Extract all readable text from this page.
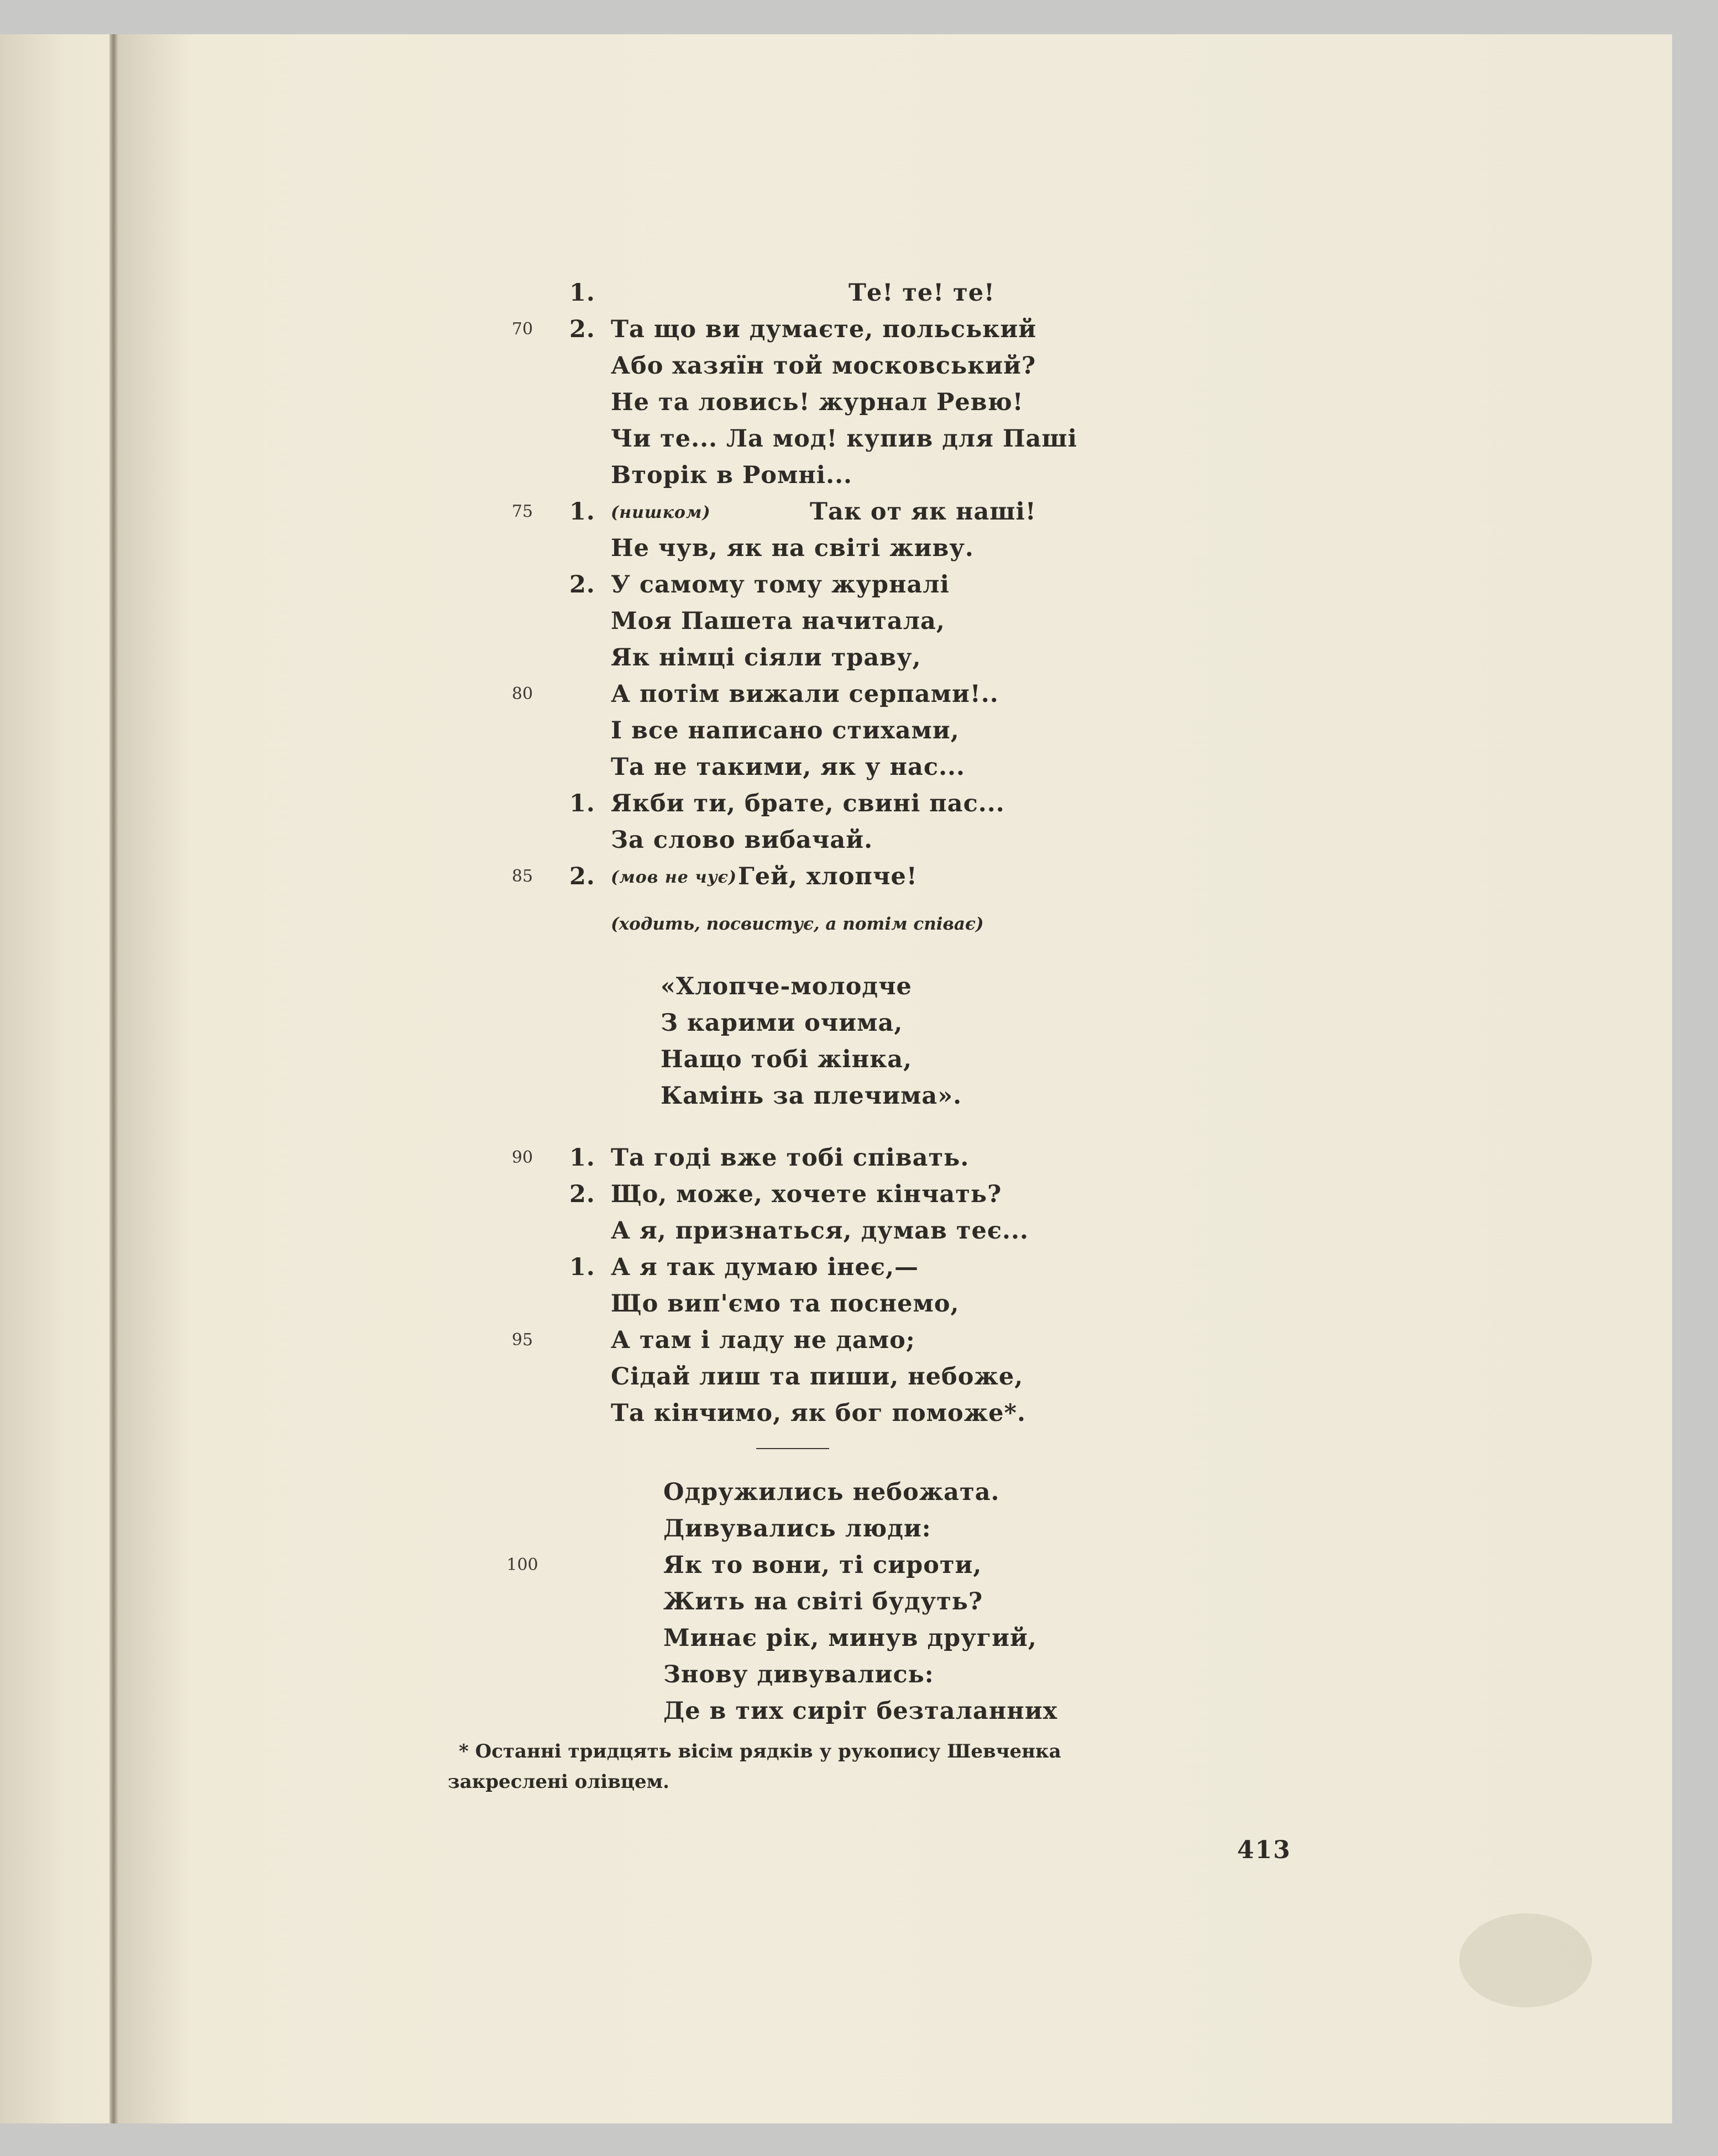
1.	Те! те! те!
70	2. Та що ви думаєте, польський
Або хазяїн той московський?
Не та ловись! журнал Ревю!
Чи те... Ла мод! купив для Паші
Вторік в Ромні...
75	1. (нишком)	Так от як наші!
Не чув, як на світі живу.
2. У самому тому журналі
Моя Пашета начитала,
Як німці сіяли траву,
80	А потім вижали серпами!..
І все написано стихами,
Та не такими, як у нас...
1. Якби ти, брате, свині пас...
За слово вибачай.
85	2. (мов не чує) Гей, хлопче!
(ходить, посвистує, а потім співає)
«Хлопче-молодче
З карими очима,
Нащо тобі жінка,
Камінь за плечима».
90	1. Та годі вже тобі співать.
2. Що, може, хочете кінчать?
А я, признаться, думав теє...
1. А я так думаю інеє,—
Що вип'ємо та поснемо,
95	А там і ладу не дамо;
Сідай лиш та пиши, небоже,
Та кінчимо, як бог поможе*.
Одружились небожата.
Дивувались люди:
100	Як то вони, ті сироти,
Жить на світі будуть?
Минає рік, минув другий,
Знову дивувались:
Де в тих сиріт безталанних
* Останні тридцять вісім рядків у рукопису Шевченка
закреслені олівцем.
413
